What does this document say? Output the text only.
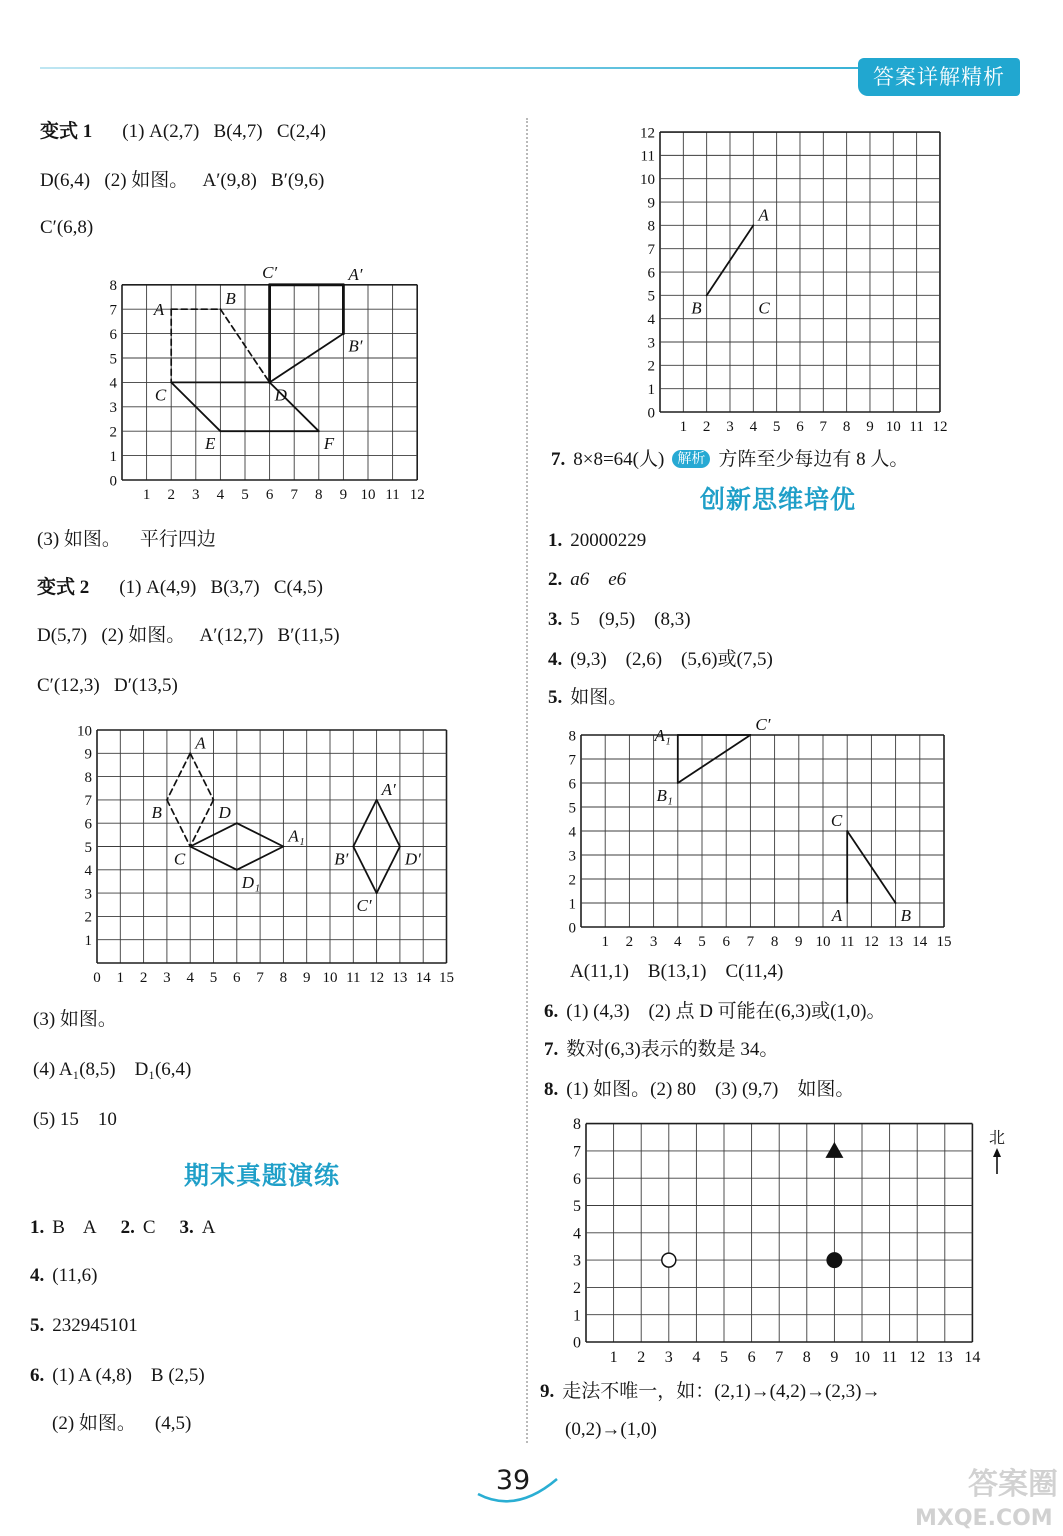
答案详解精析
变式 1 (1) A(2,7)   B(4,7)   C(2,4)
D(6,4)   (2) 如图。   A′(9,8)   B′(9,6)
C′(6,8)
(3) 如图。    平行四边
变式 2 (1) A(4,9)   B(3,7)   C(4,5)
D(5,7)   (2) 如图。   A′(12,7)   B′(11,5)
C′(12,3)   D′(13,5)
(3) 如图。
(4) A₁(8,5)    D₁(6,4)
(5) 15    10
期末真题演练
1. B    A 2. C 3. A
4. (11,6)
5. 232945101
6. (1) A (4,8)    B (2,5)
(2) 如图。    (4,5)
7. 8×8=64(人) 解析 方阵至少每边有 8 人。
创新思维培优
1. 20000229
2. a6    e6
3. 5    (9,5)    (8,3)
4. (9,3)    (2,6)    (5,6)或(7,5)
5. 如图。
A(11,1)    B(13,1)    C(11,4)
6. (1) (4,3)    (2) 点 D 可能在(6,3)或(1,0)。
7. 数对(6,3)表示的数是 34。
8. (1) 如图。(2) 80    (3) (9,7)    如图。
9. 走法不唯一，如：(2,1)→(4,2)→(2,3)→
(0,2)→(1,0)
1 2 3 4 5 6 7 8 9 10 11 12 13 14
0
1
2
3
4
5
6
7
8
1 2 3 4 5 6 7 8 9 10 11 12 13 14 15
0
1
2
3
4
5
6
7
8	A₁
C′
B₁
C
A	B
1 2 3 4 5 6 7 8 9 10 11 12
0
1
2
3
4
5
6
7
8
9
10
11
12
A
B	C
0 1 2 3 4 5 6 7 8 9 10 11 12 13 14 15
1
2
3
4
5
6
7
8
9
10
A
B
C
D
A₁
D₁
A′
B′
C′
D′
1 2 3 4 5 6 7 8 9 10 11 12
0
1
2
3
4
5
6
7
8
A
B
C	D
E	F
C′	A′
B′
北
39	答案圈
MXQE.COM
